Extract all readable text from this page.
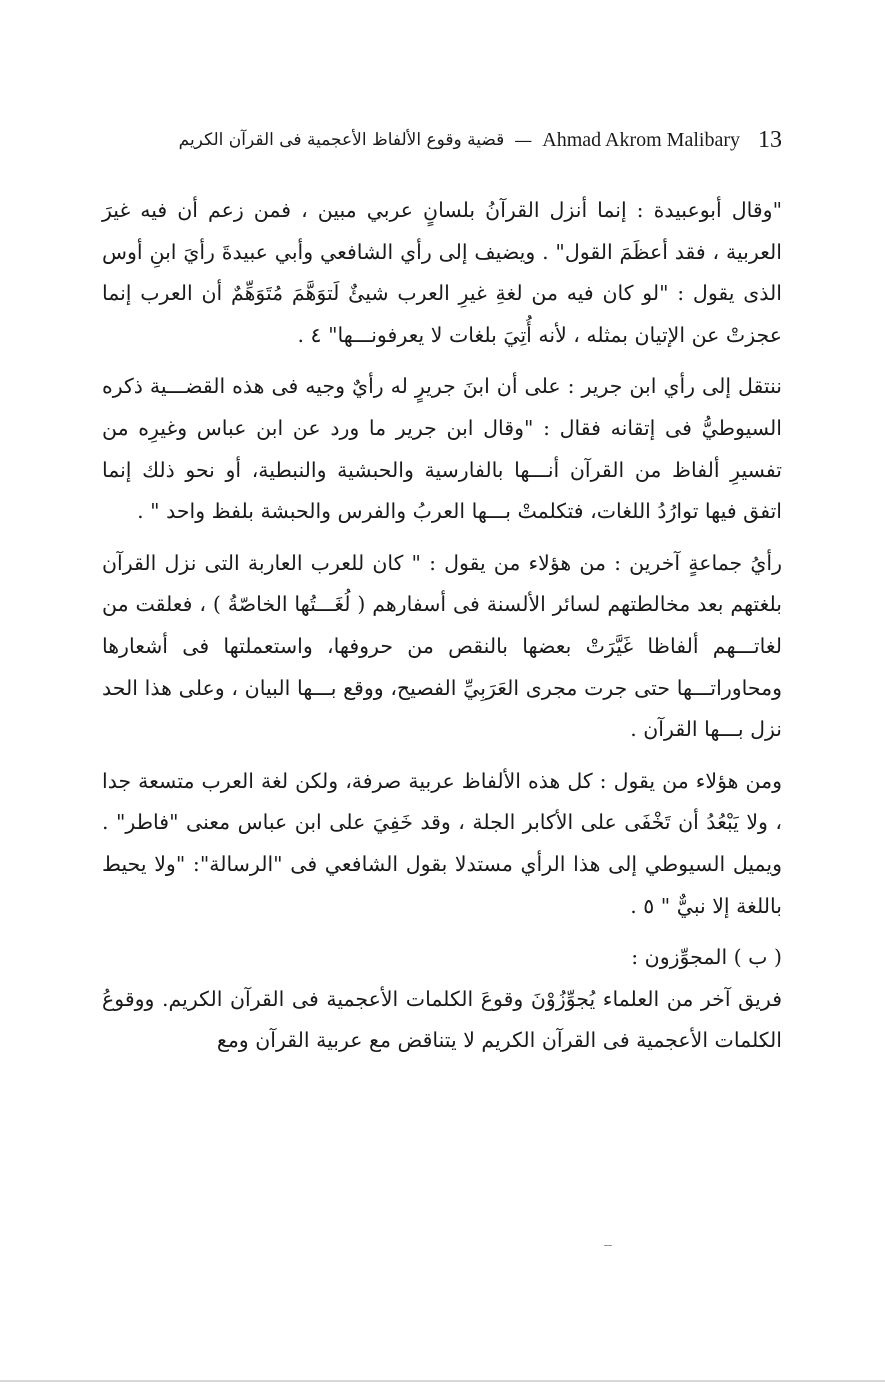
قضية وقوع الألفاظ الأعجمية فى القرآن الكريم — Ahmad Akrom Malibary 13

"وقال أبوعبيدة : إنما أنزل القرآنُ بلسانٍ عربي مبين ، فمن زعم أن فيه غيرَ العربية ، فقد أعظَمَ القول" . ويضيف إلى رأي الشافعي وأبي عبيدةَ رأيَ ابنِ أوس الذى يقول : "لو كان فيه من لغةِ غيرِ العرب شيئٌ لَتوَهَّمَ مُتَوَهِّمٌ أن العرب إنما عجزتْ عن الإتيان بمثله ، لأنه أُتِيَ بلغات لا يعرفونـــها" ٤ .

ننتقل إلى رأي ابن جرير : على أن ابنَ جريرٍ له رأيٌ وجيه فى هذه القضـــية ذكره السيوطيُّ فى إتقانه فقال : "وقال ابن جرير ما ورد عن ابن عباس وغيرِه من تفسيرِ ألفاظ من القرآن أنـــها بالفارسية والحبشية والنبطية، أو نحو ذلك إنما اتفق فيها توارُدُ اللغات، فتكلمتْ بـــها العربُ والفرس والحبشة بلفظ واحد " .

رأيُ جماعةٍ آخرين : من هؤلاء من يقول : " كان للعرب العاربة التى نزل القرآن بلغتهم بعد مخالطتهم لسائر الألسنة فى أسفارهم ( لُغَـــتُها الخاصّةُ ) ، فعلقت من لغاتـــهم ألفاظا غَيَّرَتْ بعضها بالنقص من حروفها، واستعملتها فى أشعارها ومحاوراتـــها حتى جرت مجرى العَرَبِيِّ الفصيح، ووقع بـــها البيان ، وعلى هذا الحد نزل بـــها القرآن .

ومن هؤلاء من يقول : كل هذه الألفاظ عربية صرفة، ولكن لغة العرب متسعة جدا ، ولا يَبْعُدُ أن تَخْفَى على الأكابر الجلة ، وقد خَفِيَ على ابن عباس معنى "فاطر" . ويميل السيوطي إلى هذا الرأي مستدلا بقول الشافعي فى "الرسالة": "ولا يحيط باللغة إلا نبيٌّ " ٥ .

( ب ) المجوِّزون :

فريق آخر من العلماء يُجوِّزُوْنَ وقوعَ الكلمات الأعجمية فى القرآن الكريم. ووقوعُ الكلمات الأعجمية فى القرآن الكريم لا يتناقض مع عربية القرآن ومع
